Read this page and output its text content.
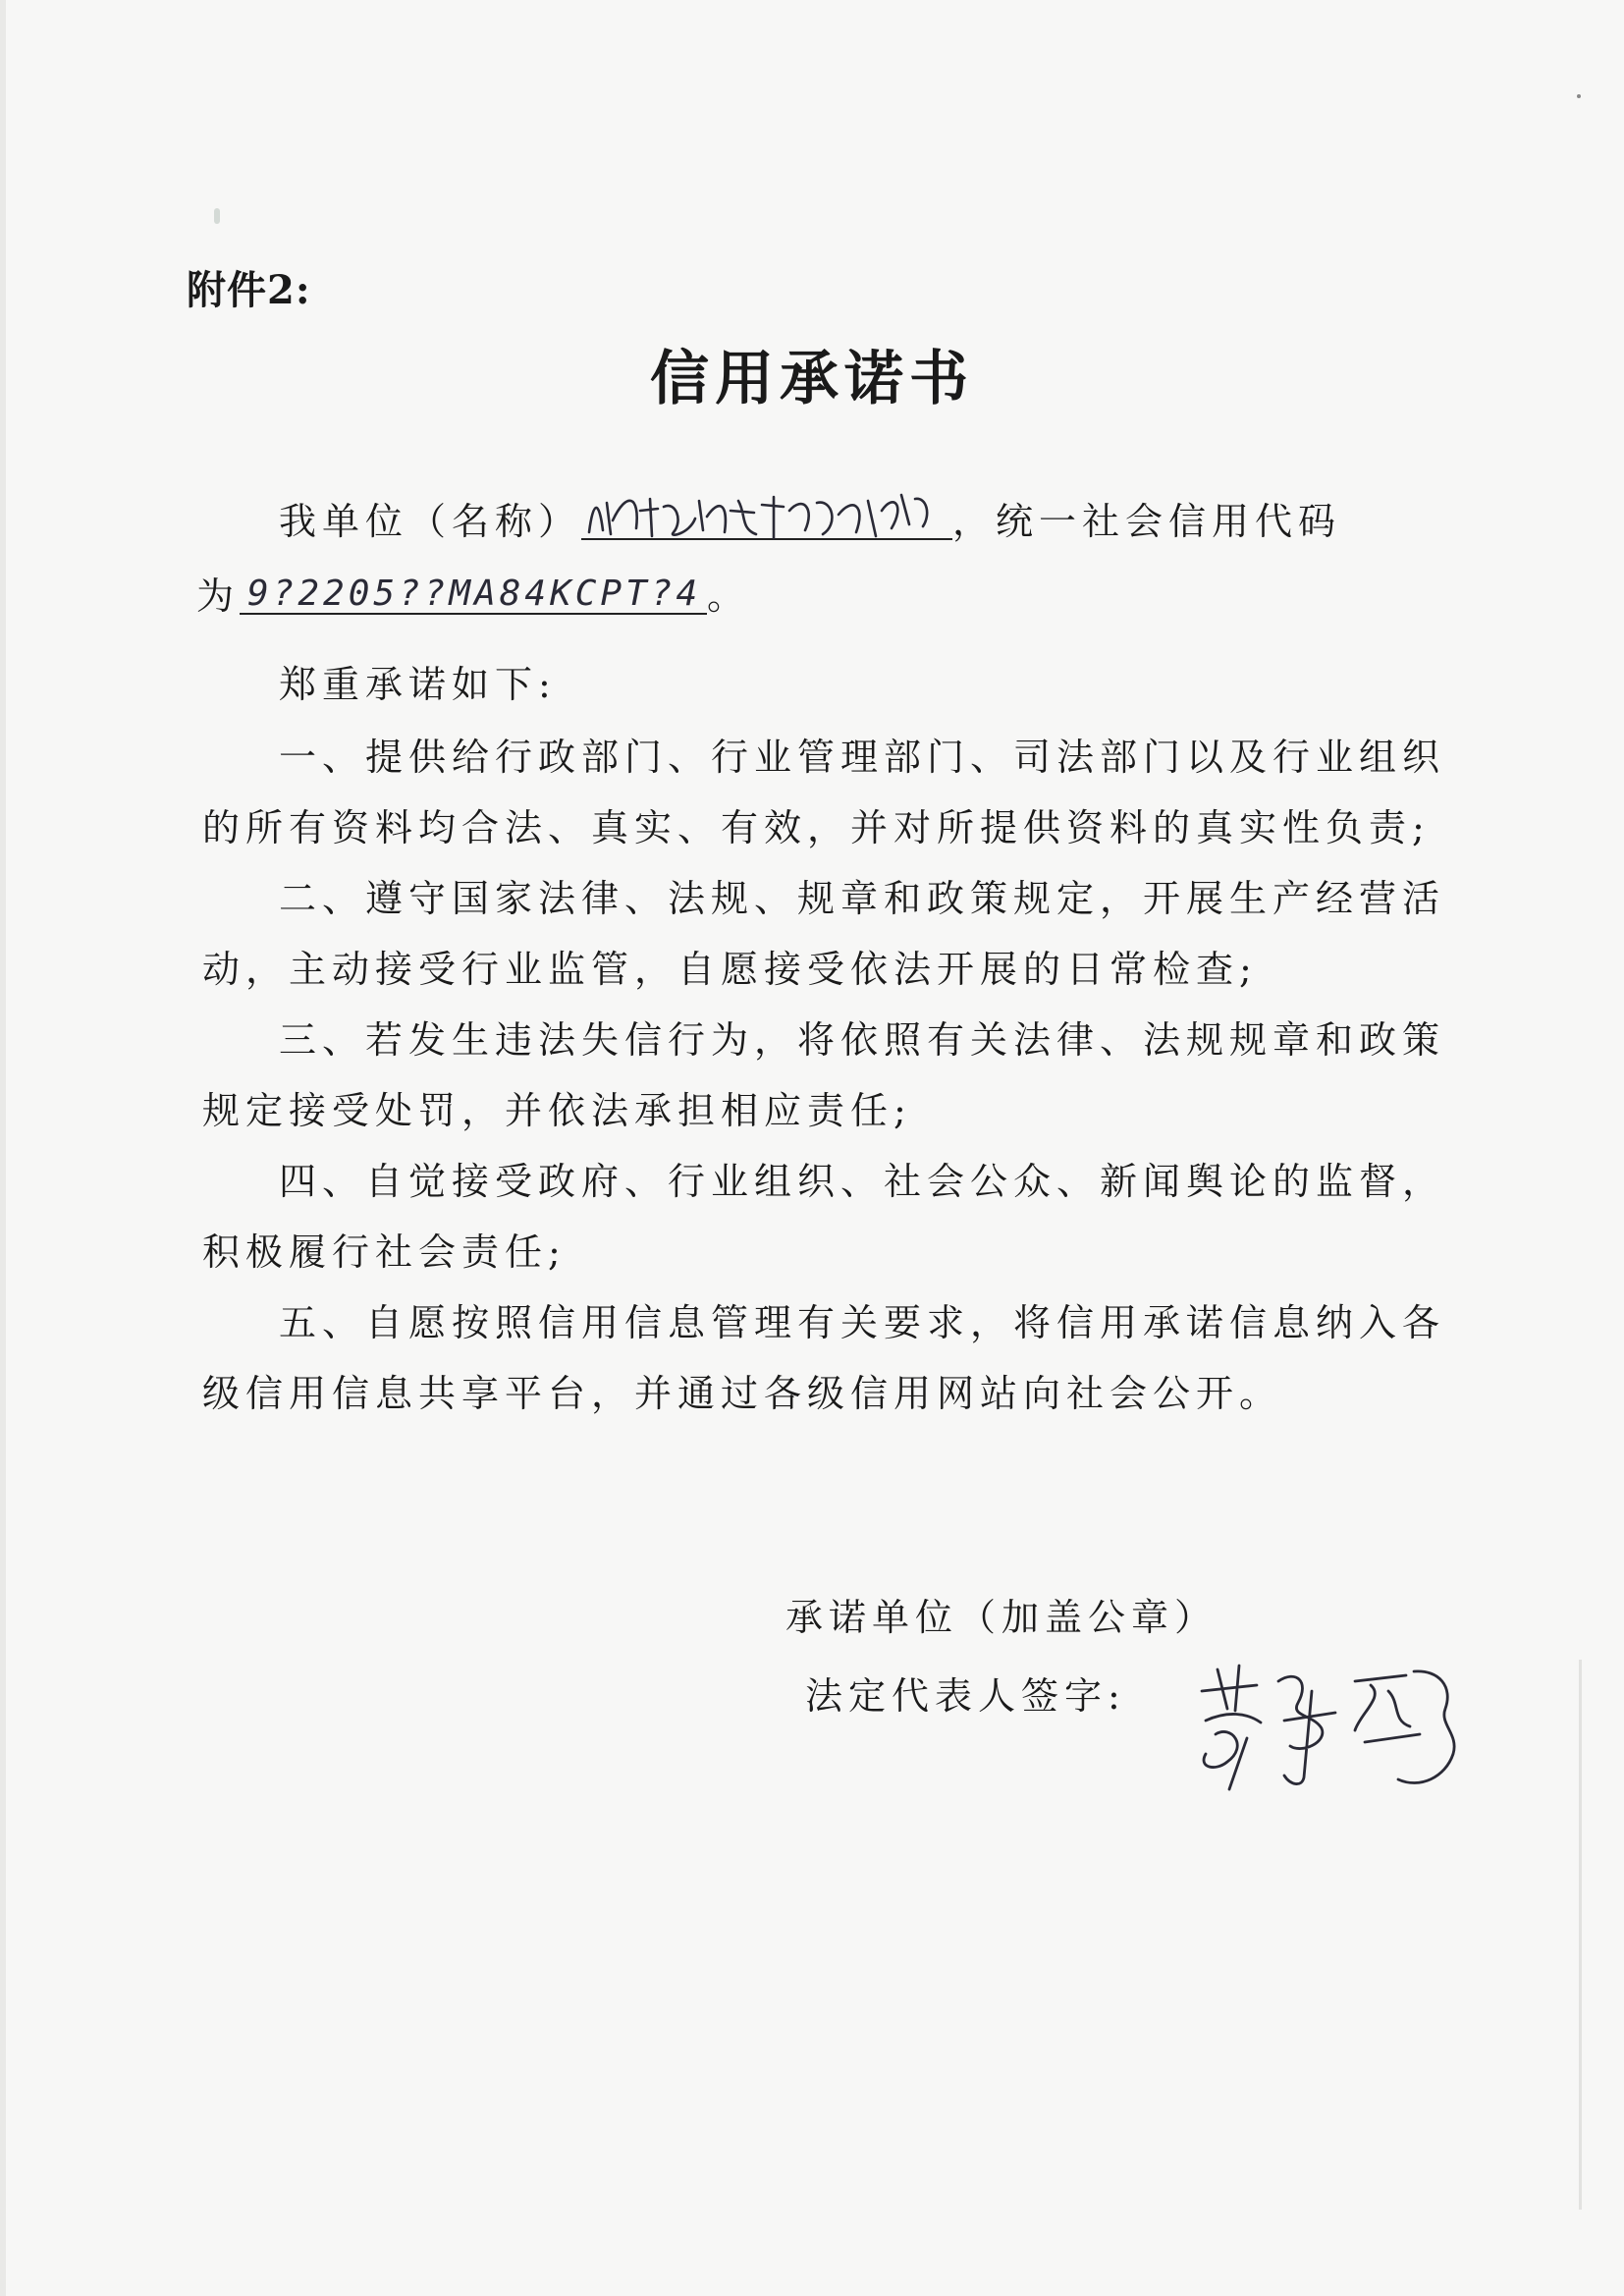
附件2:
信用承诺书
我单位（名称）	，统一社会信用代码
为 9?2205??MA84KCPT?4 。
郑重承诺如下:
一、提供给行政部门、行业管理部门、司法部门以及行业组织
的所有资料均合法、真实、有效，并对所提供资料的真实性负责;
二、遵守国家法律、法规、规章和政策规定，开展生产经营活
动，主动接受行业监管，自愿接受依法开展的日常检查;
三、若发生违法失信行为，将依照有关法律、法规规章和政策
规定接受处罚，并依法承担相应责任;
四、自觉接受政府、行业组织、社会公众、新闻舆论的监督，
积极履行社会责任;
五、自愿按照信用信息管理有关要求，将信用承诺信息纳入各
级信用信息共享平台，并通过各级信用网站向社会公开。
承诺单位（加盖公章）
法定代表人签字:
